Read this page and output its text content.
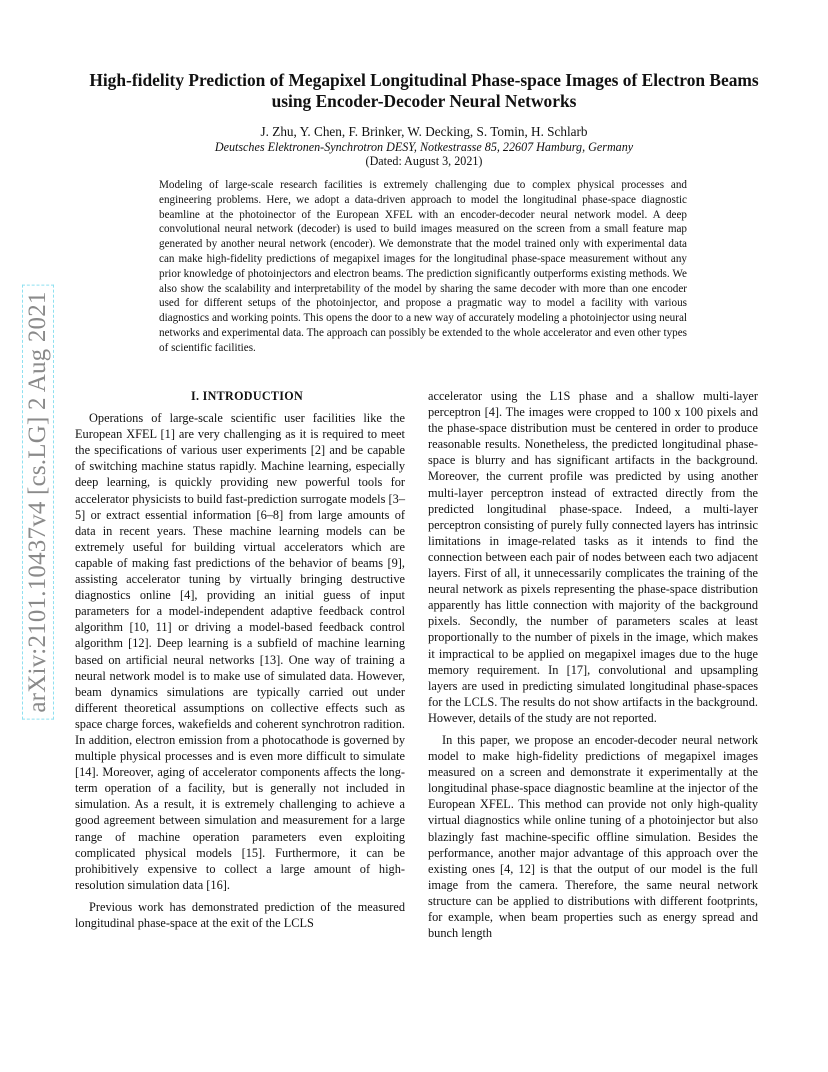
arXiv:2101.10437v4 [cs.LG] 2 Aug 2021
High-fidelity Prediction of Megapixel Longitudinal Phase-space Images of Electron Beams using Encoder-Decoder Neural Networks
J. Zhu, Y. Chen, F. Brinker, W. Decking, S. Tomin, H. Schlarb
Deutsches Elektronen-Synchrotron DESY, Notkestrasse 85, 22607 Hamburg, Germany
(Dated: August 3, 2021)
Modeling of large-scale research facilities is extremely challenging due to complex physical processes and engineering problems. Here, we adopt a data-driven approach to model the longitudinal phase-space diagnostic beamline at the photoinector of the European XFEL with an encoder-decoder neural network model. A deep convolutional neural network (decoder) is used to build images measured on the screen from a small feature map generated by another neural network (encoder). We demonstrate that the model trained only with experimental data can make high-fidelity predictions of megapixel images for the longitudinal phase-space measurement without any prior knowledge of photoinjectors and electron beams. The prediction significantly outperforms existing methods. We also show the scalability and interpretability of the model by sharing the same decoder with more than one encoder used for different setups of the photoinjector, and propose a pragmatic way to model a facility with various diagnostics and working points. This opens the door to a new way of accurately modeling a photoinjector using neural networks and experimental data. The approach can possibly be extended to the whole accelerator and even other types of scientific facilities.

I. INTRODUCTION

Operations of large-scale scientific user facilities like the European XFEL [1] are very challenging as it is required to meet the specifications of various user experiments [2] and be capable of switching machine status rapidly. Machine learning, especially deep learning, is quickly providing new powerful tools for accelerator physicists to build fast-prediction surrogate models [3–5] or extract essential information [6–8] from large amounts of data in recent years. These machine learning models can be extremely useful for building virtual accelerators which are capable of making fast predictions of the behavior of beams [9], assisting accelerator tuning by virtually bringing destructive diagnostics online [4], providing an initial guess of input parameters for a model-independent adaptive feedback control algorithm [10, 11] or driving a model-based feedback control algorithm [12]. Deep learning is a subfield of machine learning based on artificial neural networks [13]. One way of training a neural network model is to make use of simulated data. However, beam dynamics simulations are typically carried out under different theoretical assumptions on collective effects such as space charge forces, wakefields and coherent synchrotron radition. In addition, electron emission from a photocathode is governed by multiple physical processes and is even more difficult to simulate [14]. Moreover, aging of accelerator components affects the long-term operation of a facility, but is generally not included in simulation. As a result, it is extremely challenging to achieve a good agreement between simulation and measurement for a large range of machine operation parameters even exploiting complicated physical models [15]. Furthermore, it can be prohibitively expensive to collect a large amount of high-resolution simulation data [16].

Previous work has demonstrated prediction of the measured longitudinal phase-space at the exit of the LCLS

accelerator using the L1S phase and a shallow multi-layer perceptron [4]. The images were cropped to 100 x 100 pixels and the phase-space distribution must be centered in order to produce reasonable results. Nonetheless, the predicted longitudinal phase-space is blurry and has significant artifacts in the background. Moreover, the current profile was predicted by using another multi-layer perceptron instead of extracted directly from the predicted longitudinal phase-space. Indeed, a multi-layer perceptron consisting of purely fully connected layers has intrinsic limitations in image-related tasks as it intends to find the connection between each pair of nodes between each two adjacent layers. First of all, it unnecessarily complicates the training of the neural network as pixels representing the phase-space distribution apparently has little connection with majority of the background pixels. Secondly, the number of parameters scales at least proportionally to the number of pixels in the image, which makes it impractical to be applied on megapixel images due to the huge memory requirement. In [17], convolutional and upsampling layers are used in predicting simulated longitudinal phase-spaces for the LCLS. The results do not show artifacts in the background. However, details of the study are not reported.

In this paper, we propose an encoder-decoder neural network model to make high-fidelity predictions of megapixel images measured on a screen and demonstrate it experimentally at the longitudinal phase-space diagnostic beamline at the injector of the European XFEL. This method can provide not only high-quality virtual diagnostics while online tuning of a photoinjector but also blazingly fast machine-specific offline simulation. Besides the performance, another major advantage of this approach over the existing ones [4, 12] is that the output of our model is the full image from the camera. Therefore, the same neural network structure can be applied to distributions with different footprints, for example, when beam properties such as energy spread and bunch length
